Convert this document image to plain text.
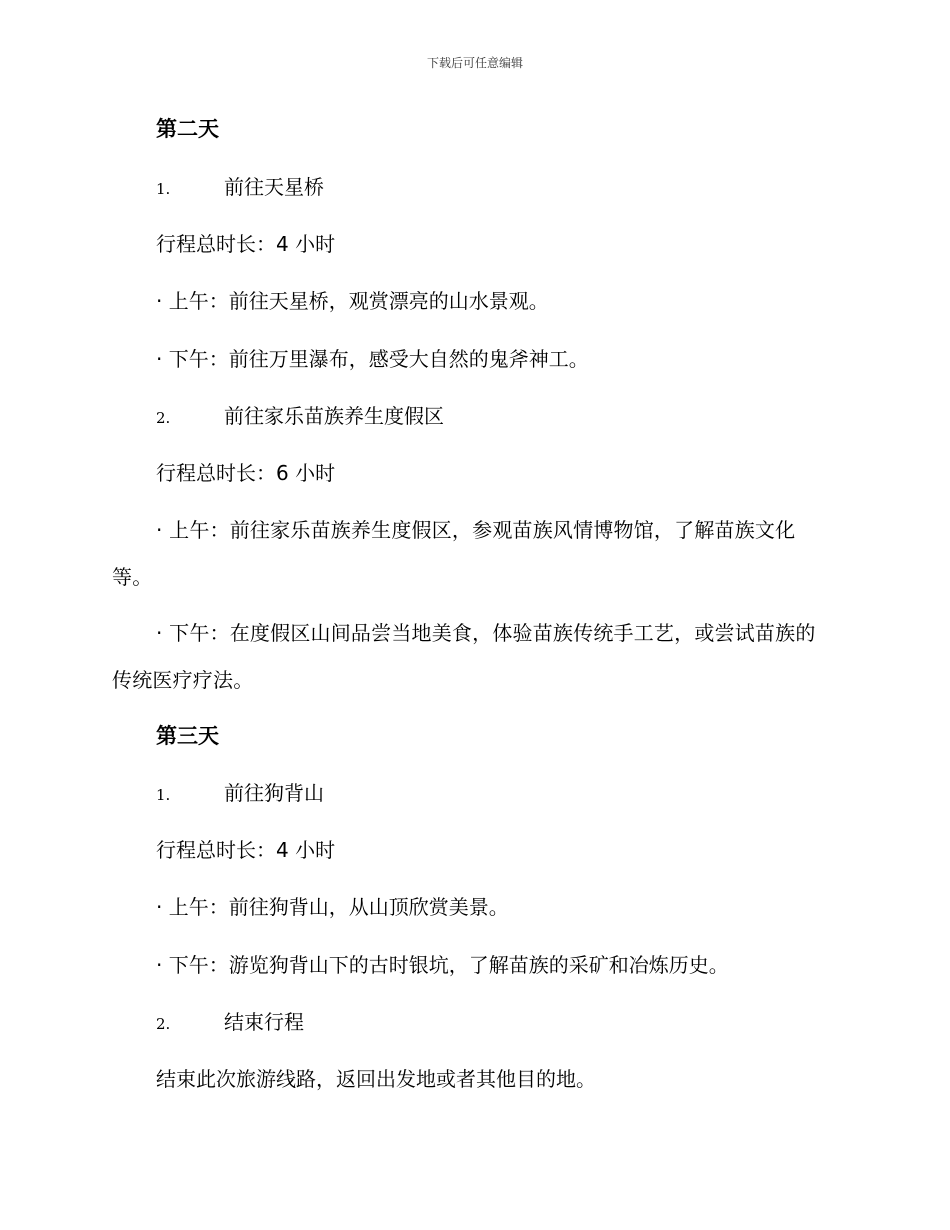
下载后可任意编辑
第二天
1.	前往天星桥
行程总时长：4 小时
· 上午：前往天星桥，观赏漂亮的山水景观。
· 下午：前往万里瀑布，感受大自然的鬼斧神工。
2.	前往家乐苗族养生度假区
行程总时长：6 小时
· 上午：前往家乐苗族养生度假区，参观苗族风情博物馆，了解苗族文化等。
· 下午：在度假区山间品尝当地美食，体验苗族传统手工艺，或尝试苗族的传统医疗疗法。
第三天
1.	前往狗背山
行程总时长：4 小时
· 上午：前往狗背山，从山顶欣赏美景。
· 下午：游览狗背山下的古时银坑，了解苗族的采矿和冶炼历史。
2.	结束行程
结束此次旅游线路，返回出发地或者其他目的地。
